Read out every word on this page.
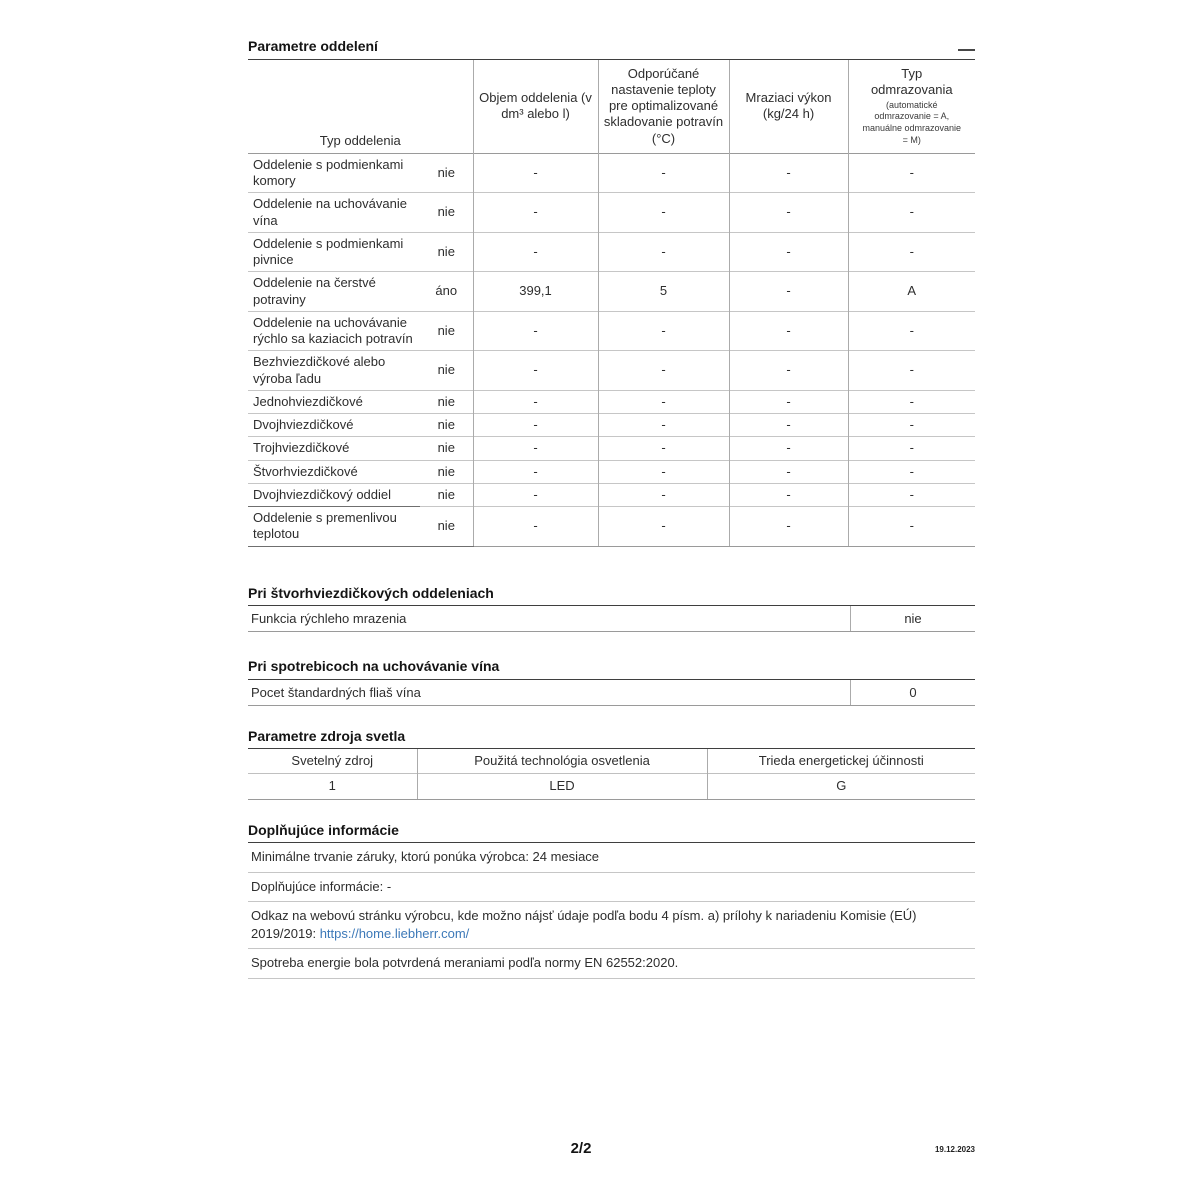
Parametre oddelení
Typ oddelenia		Objem oddelenia (v dm³ alebo l)	Odporúčané nastavenie teploty pre optimalizované skladovanie potravín (°C)	Mraziaci výkon (kg/24 h)	Typ odmrazovania
(automatické odmrazovanie = A, manuálne odmrazovanie = M)

Oddelenie s podmienkami komory	nie	-	-	-	-
Oddelenie na uchovávanie vína	nie	-	-	-	-
Oddelenie s podmienkami pivnice	nie	-	-	-	-
Oddelenie na čerstvé potraviny	áno	399,1	5	-	A
Oddelenie na uchovávanie rýchlo sa kaziacich potravín	nie	-	-	-	-
Bezhviezdičkové alebo výroba ľadu	nie	-	-	-	-
Jednohviezdičkové	nie	-	-	-	-
Dvojhviezdičkové	nie	-	-	-	-
Trojhviezdičkové	nie	-	-	-	-
Štvorhviezdičkové	nie	-	-	-	-
Dvojhviezdičkový oddiel	nie	-	-	-	-
Oddelenie s premenlivou teplotou	nie	-	-	-	-
Pri štvorhviezdičkových oddeleniach
Funkcia rýchleho mrazenia	nie
Pri spotrebicoch na uchovávanie vína
Pocet štandardných fliaš vína	0
Parametre zdroja svetla
Svetelný zdroj	Použitá technológia osvetlenia	Trieda energetickej účinnosti
1	LED	G
Doplňujúce informácie
Minimálne trvanie záruky, ktorú ponúka výrobca: 24 mesiace
Doplňujúce informácie: -
Odkaz na webovú stránku výrobcu, kde možno nájsť údaje podľa bodu 4 písm. a) prílohy k nariadeniu Komisie (EÚ) 2019/2019: https://home.liebherr.com/
Spotreba energie bola potvrdená meraniami podľa normy EN 62552:2020.
2/2	19.12.2023
